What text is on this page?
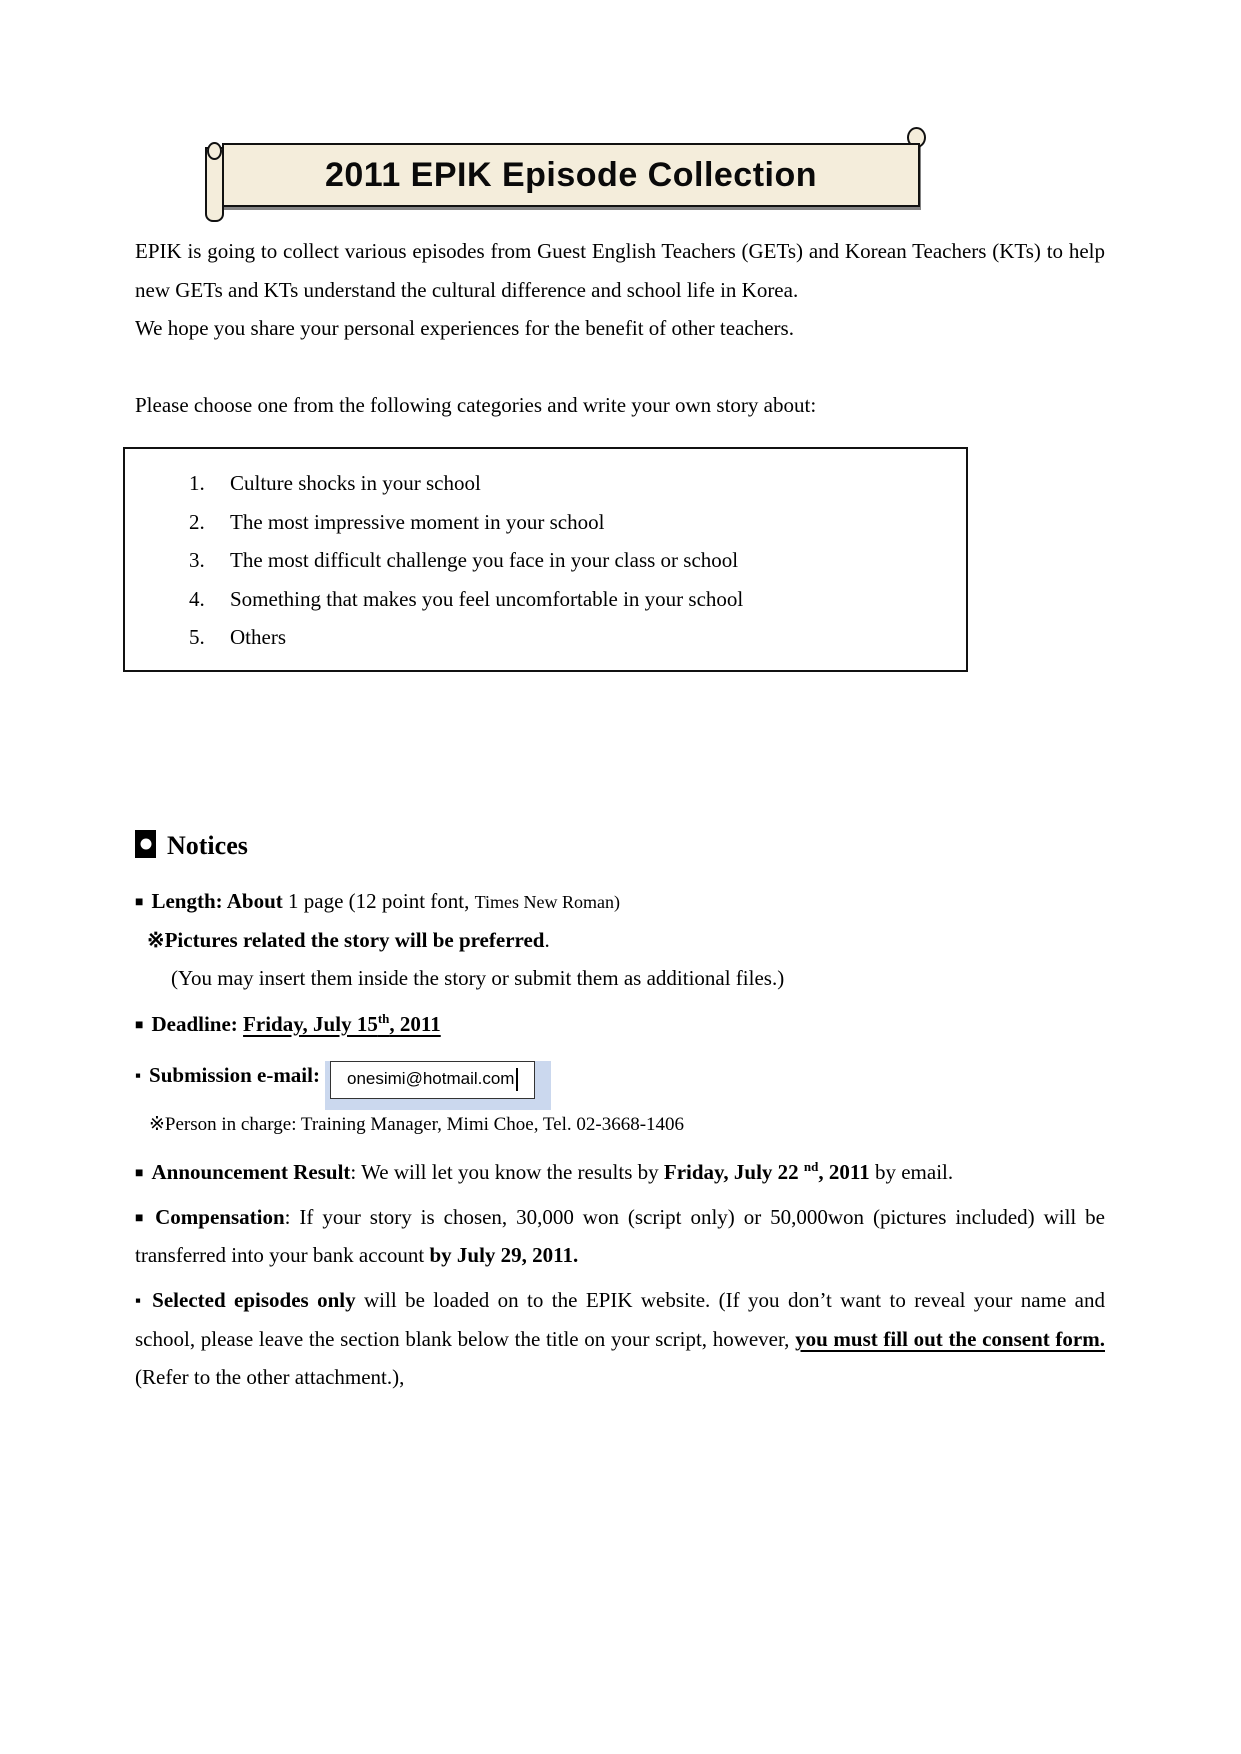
2011 EPIK Episode Collection

EPIK is going to collect various episodes from Guest English Teachers (GETs) and Korean Teachers (KTs) to help new GETs and KTs understand the cultural difference and school life in Korea.

We hope you share your personal experiences for the benefit of other teachers.

Please choose one from the following categories and write your own story about:

1. Culture shocks in your school
2. The most impressive moment in your school
3. The most difficult challenge you face in your class or school
4. Something that makes you feel uncomfortable in your school
5. Others
Notices
■ Length: About 1 page (12 point font, Times New Roman)
※Pictures related the story will be preferred.
(You may insert them inside the story or submit them as additional files.)
■ Deadline: Friday, July 15th, 2011
▪ Submission e-mail: onesimi@hotmail.com
※Person in charge: Training Manager, Mimi Choe, Tel. 02-3668-1406
■ Announcement Result: We will let you know the results by Friday, July 22 $^{nd}$, 2011 by email.
■ Compensation: If your story is chosen, 30,000 won (script only) or 50,000won (pictures included) will be transferred into your bank account by July 29, 2011.
▪ Selected episodes only will be loaded on to the EPIK website. (If you don’t want to reveal your name and school, please leave the section blank below the title on your script, however, you must fill out the consent form. (Refer to the other attachment.),
